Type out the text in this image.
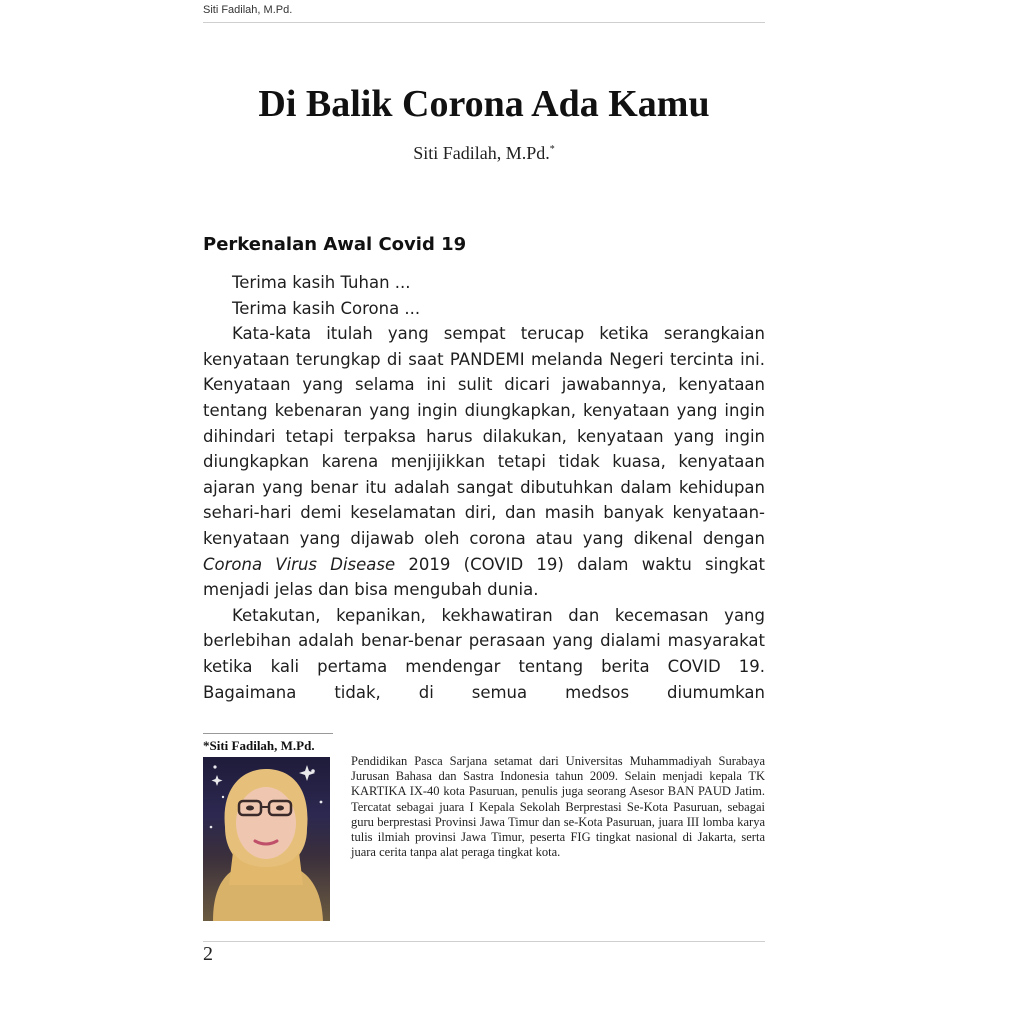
Siti Fadilah, M.Pd.
Di Balik Corona Ada Kamu
Siti Fadilah, M.Pd.*
Perkenalan Awal Covid 19

Terima kasih Tuhan ...

Terima kasih Corona ...

Kata-kata itulah yang sempat terucap ketika serangkaian kenyataan terungkap di saat PANDEMI melanda Negeri tercinta ini. Kenyataan yang selama ini sulit dicari jawabannya, kenyataan tentang kebenaran yang ingin diungkapkan, kenyataan yang ingin dihindari tetapi terpaksa harus dilakukan, kenyataan yang ingin diungkapkan karena menjijikkan tetapi tidak kuasa, kenyataan ajaran yang benar itu adalah sangat dibutuhkan dalam kehidupan sehari-hari demi keselamatan diri, dan masih banyak kenyataan-kenyataan yang dijawab oleh corona atau yang dikenal dengan Corona Virus Disease 2019 (COVID 19) dalam waktu singkat menjadi jelas dan bisa mengubah dunia.

Ketakutan, kepanikan, kekhawatiran dan kecemasan yang berlebihan adalah benar-benar perasaan yang dialami masyarakat ketika kali pertama mendengar tentang berita COVID 19. Bagaimana tidak, di semua medsos diumumkan

*Siti Fadilah, M.Pd.
Pendidikan Pasca Sarjana setamat dari Universitas Muhammadiyah Surabaya Jurusan Bahasa dan Sastra Indonesia tahun 2009. Selain menjadi kepala TK KARTIKA IX-40 kota Pasuruan, penulis juga seorang Asesor BAN PAUD Jatim. Tercatat sebagai juara I Kepala Sekolah Berprestasi Se-Kota Pasuruan, sebagai guru berprestasi Provinsi Jawa Timur dan se-Kota Pasuruan, juara III lomba karya tulis ilmiah provinsi Jawa Timur, peserta FIG tingkat nasional di Jakarta, serta juara cerita tanpa alat peraga tingkat kota.
2
